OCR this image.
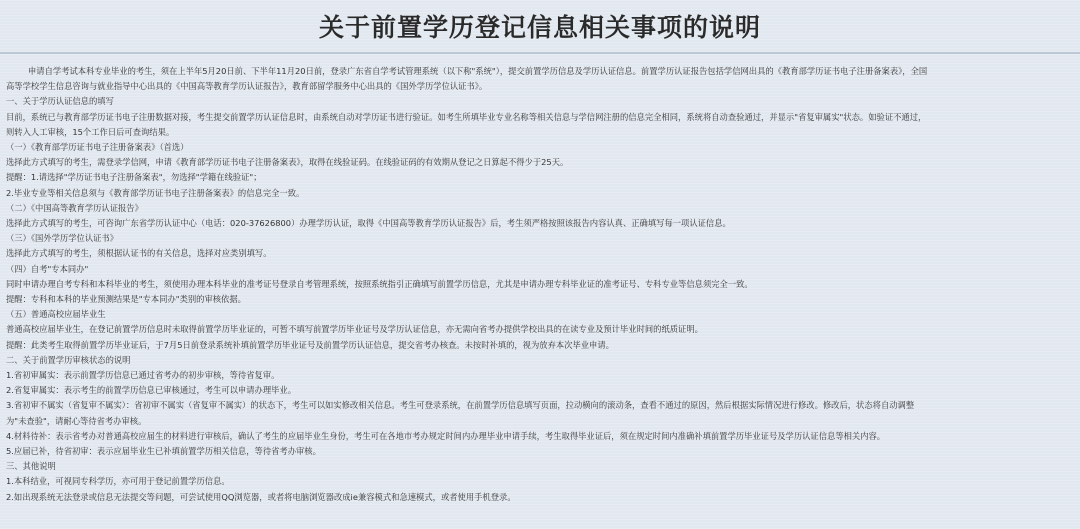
关于前置学历登记信息相关事项的说明
申请自学考试本科专业毕业的考生，须在上半年5月20日前、下半年11月20日前，登录广东省自学考试管理系统（以下称"系统"），提交前置学历信息及学历认证信息。前置学历认证报告包括学信网出具的《教育部学历证书电子注册备案表》，全国
高等学校学生信息咨询与就业指导中心出具的《中国高等教育学历认证报告》，教育部留学服务中心出具的《国外学历学位认证书》。
一、关于学历认证信息的填写
目前，系统已与教育部学历证书电子注册数据对接，考生提交前置学历认证信息时，由系统自动对学历证书进行验证。如考生所填毕业专业名称等相关信息与学信网注册的信息完全相同，系统将自动查验通过，并显示"省复审属实"状态。如验证不通过，
则转入人工审核，15个工作日后可查询结果。
（一）《教育部学历证书电子注册备案表》（首选）
选择此方式填写的考生，需登录学信网，申请《教育部学历证书电子注册备案表》，取得在线验证码。在线验证码的有效期从登记之日算起不得少于25天。
提醒：1.请选择"学历证书电子注册备案表"，勿选择"学籍在线验证"；
2.毕业专业等相关信息须与《教育部学历证书电子注册备案表》的信息完全一致。
（二）《中国高等教育学历认证报告》
选择此方式填写的考生，可咨询广东省学历认证中心（电话：020-37626800）办理学历认证，取得《中国高等教育学历认证报告》后，考生须严格按照该报告内容认真、正确填写每一项认证信息。
（三）《国外学历学位认证书》
选择此方式填写的考生，须根据认证书的有关信息，选择对应类别填写。
（四）自考"专本同办"
同时申请办理自考专科和本科毕业的考生，须使用办理本科毕业的准考证号登录自考管理系统，按照系统指引正确填写前置学历信息，尤其是申请办理专科毕业证的准考证号、专科专业等信息须完全一致。
提醒：专科和本科的毕业预测结果是"专本同办"类别的审核依据。
（五）普通高校应届毕业生
普通高校应届毕业生，在登记前置学历信息时未取得前置学历毕业证的，可暂不填写前置学历毕业证号及学历认证信息，亦无需向省考办提供学校出具的在读专业及预计毕业时间的纸质证明。
提醒：此类考生取得前置学历毕业证后，于7月5日前登录系统补填前置学历毕业证号及前置学历认证信息，提交省考办核查。未按时补填的，视为放弃本次毕业申请。
二、关于前置学历审核状态的说明
1.省初审属实：表示前置学历信息已通过省考办的初步审核，等待省复审。
2.省复审属实：表示考生的前置学历信息已审核通过，考生可以申请办理毕业。
3.省初审不属实（省复审不属实）：省初审不属实（省复审不属实）的状态下，考生可以如实修改相关信息。考生可登录系统，在前置学历信息填写页面，拉动横向的滚动条，查看不通过的原因，然后根据实际情况进行修改。修改后，状态将自动调整
为"未查验"，请耐心等待省考办审核。
4.材料待补：表示省考办对普通高校应届生的材料进行审核后，确认了考生的应届毕业生身份，考生可在各地市考办规定时间内办理毕业申请手续，考生取得毕业证后，须在规定时间内准确补填前置学历毕业证号及学历认证信息等相关内容。
5.应届已补，待省初审：表示应届毕业生已补填前置学历相关信息，等待省考办审核。
三、其他说明
1.本科结业，可视同专科学历，亦可用于登记前置学历信息。
2.如出现系统无法登录或信息无法提交等问题，可尝试使用QQ浏览器，或者将电脑浏览器改成ie兼容模式和急速模式，或者使用手机登录。
